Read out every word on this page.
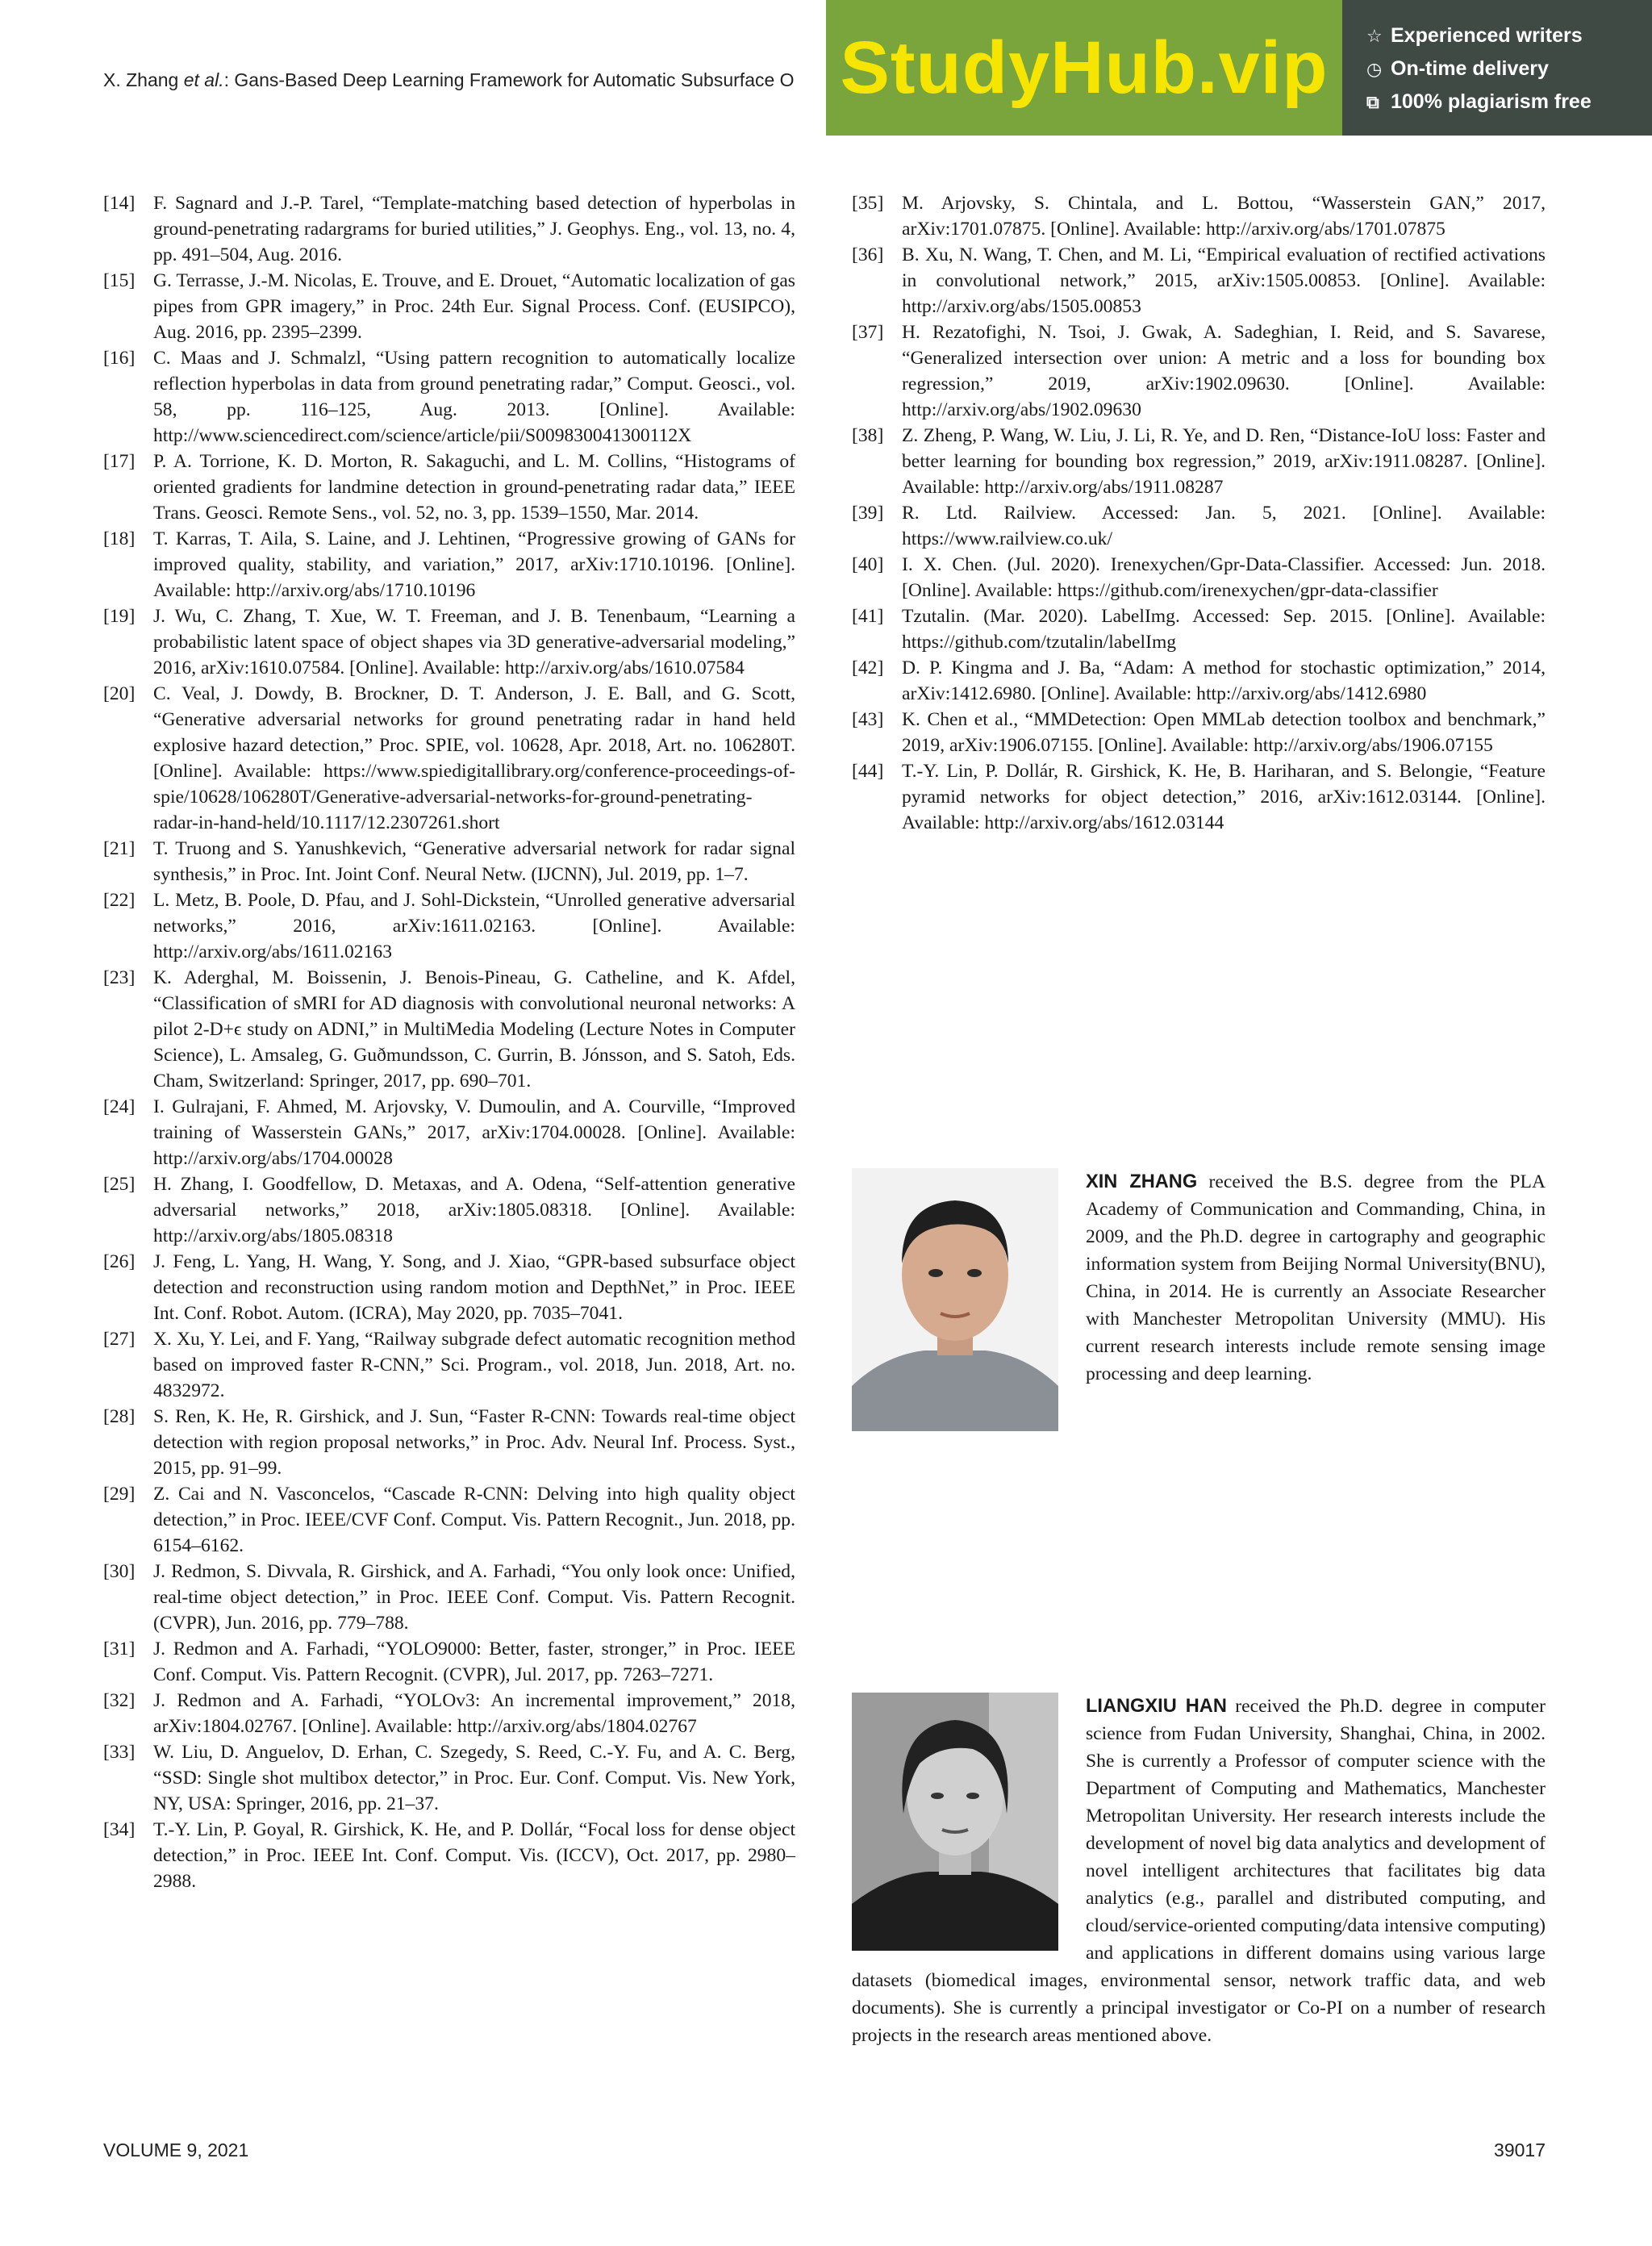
X. Zhang et al.: Gans-Based Deep Learning Framework for Automatic Subsurface O StudyHub.vip ☆ Experienced writers
◷ On-time delivery
⧉ 100% plagiarism free
[14] F. Sagnard and J.-P. Tarel, “Template-matching based detection of hyperbolas in ground-penetrating radargrams for buried utilities,” J. Geophys. Eng., vol. 13, no. 4, pp. 491–504, Aug. 2016.
[15] G. Terrasse, J.-M. Nicolas, E. Trouve, and E. Drouet, “Automatic localization of gas pipes from GPR imagery,” in Proc. 24th Eur. Signal Process. Conf. (EUSIPCO), Aug. 2016, pp. 2395–2399.
[16] C. Maas and J. Schmalzl, “Using pattern recognition to automatically localize reflection hyperbolas in data from ground penetrating radar,” Comput. Geosci., vol. 58, pp. 116–125, Aug. 2013. [Online]. Available: http://www.sciencedirect.com/science/article/pii/S009830041300112X
[17] P. A. Torrione, K. D. Morton, R. Sakaguchi, and L. M. Collins, “Histograms of oriented gradients for landmine detection in ground-penetrating radar data,” IEEE Trans. Geosci. Remote Sens., vol. 52, no. 3, pp. 1539–1550, Mar. 2014.
[18] T. Karras, T. Aila, S. Laine, and J. Lehtinen, “Progressive growing of GANs for improved quality, stability, and variation,” 2017, arXiv:1710.10196. [Online]. Available: http://arxiv.org/abs/1710.10196
[19] J. Wu, C. Zhang, T. Xue, W. T. Freeman, and J. B. Tenenbaum, “Learning a probabilistic latent space of object shapes via 3D generative-adversarial modeling,” 2016, arXiv:1610.07584. [Online]. Available: http://arxiv.org/abs/1610.07584
[20] C. Veal, J. Dowdy, B. Brockner, D. T. Anderson, J. E. Ball, and G. Scott, “Generative adversarial networks for ground penetrating radar in hand held explosive hazard detection,” Proc. SPIE, vol. 10628, Apr. 2018, Art. no. 106280T. [Online]. Available: https://www.spiedigitallibrary.org/conference-proceedings-of-spie/10628/106280T/Generative-adversarial-networks-for-ground-penetrating-radar-in-hand-held/10.1117/12.2307261.short
[21] T. Truong and S. Yanushkevich, “Generative adversarial network for radar signal synthesis,” in Proc. Int. Joint Conf. Neural Netw. (IJCNN), Jul. 2019, pp. 1–7.
[22] L. Metz, B. Poole, D. Pfau, and J. Sohl-Dickstein, “Unrolled generative adversarial networks,” 2016, arXiv:1611.02163. [Online]. Available: http://arxiv.org/abs/1611.02163
[23] K. Aderghal, M. Boissenin, J. Benois-Pineau, G. Catheline, and K. Afdel, “Classification of sMRI for AD diagnosis with convolutional neuronal networks: A pilot 2-D+ϵ study on ADNI,” in MultiMedia Modeling (Lecture Notes in Computer Science), L. Amsaleg, G. Guðmundsson, C. Gurrin, B. Jónsson, and S. Satoh, Eds. Cham, Switzerland: Springer, 2017, pp. 690–701.
[24] I. Gulrajani, F. Ahmed, M. Arjovsky, V. Dumoulin, and A. Courville, “Improved training of Wasserstein GANs,” 2017, arXiv:1704.00028. [Online]. Available: http://arxiv.org/abs/1704.00028
[25] H. Zhang, I. Goodfellow, D. Metaxas, and A. Odena, “Self-attention generative adversarial networks,” 2018, arXiv:1805.08318. [Online]. Available: http://arxiv.org/abs/1805.08318
[26] J. Feng, L. Yang, H. Wang, Y. Song, and J. Xiao, “GPR-based subsurface object detection and reconstruction using random motion and DepthNet,” in Proc. IEEE Int. Conf. Robot. Autom. (ICRA), May 2020, pp. 7035–7041.
[27] X. Xu, Y. Lei, and F. Yang, “Railway subgrade defect automatic recognition method based on improved faster R-CNN,” Sci. Program., vol. 2018, Jun. 2018, Art. no. 4832972.
[28] S. Ren, K. He, R. Girshick, and J. Sun, “Faster R-CNN: Towards real-time object detection with region proposal networks,” in Proc. Adv. Neural Inf. Process. Syst., 2015, pp. 91–99.
[29] Z. Cai and N. Vasconcelos, “Cascade R-CNN: Delving into high quality object detection,” in Proc. IEEE/CVF Conf. Comput. Vis. Pattern Recognit., Jun. 2018, pp. 6154–6162.
[30] J. Redmon, S. Divvala, R. Girshick, and A. Farhadi, “You only look once: Unified, real-time object detection,” in Proc. IEEE Conf. Comput. Vis. Pattern Recognit. (CVPR), Jun. 2016, pp. 779–788.
[31] J. Redmon and A. Farhadi, “YOLO9000: Better, faster, stronger,” in Proc. IEEE Conf. Comput. Vis. Pattern Recognit. (CVPR), Jul. 2017, pp. 7263–7271.
[32] J. Redmon and A. Farhadi, “YOLOv3: An incremental improvement,” 2018, arXiv:1804.02767. [Online]. Available: http://arxiv.org/abs/1804.02767
[33] W. Liu, D. Anguelov, D. Erhan, C. Szegedy, S. Reed, C.-Y. Fu, and A. C. Berg, “SSD: Single shot multibox detector,” in Proc. Eur. Conf. Comput. Vis. New York, NY, USA: Springer, 2016, pp. 21–37.
[34] T.-Y. Lin, P. Goyal, R. Girshick, K. He, and P. Dollár, “Focal loss for dense object detection,” in Proc. IEEE Int. Conf. Comput. Vis. (ICCV), Oct. 2017, pp. 2980–2988.
[35] M. Arjovsky, S. Chintala, and L. Bottou, “Wasserstein GAN,” 2017, arXiv:1701.07875. [Online]. Available: http://arxiv.org/abs/1701.07875
[36] B. Xu, N. Wang, T. Chen, and M. Li, “Empirical evaluation of rectified activations in convolutional network,” 2015, arXiv:1505.00853. [Online]. Available: http://arxiv.org/abs/1505.00853
[37] H. Rezatofighi, N. Tsoi, J. Gwak, A. Sadeghian, I. Reid, and S. Savarese, “Generalized intersection over union: A metric and a loss for bounding box regression,” 2019, arXiv:1902.09630. [Online]. Available: http://arxiv.org/abs/1902.09630
[38] Z. Zheng, P. Wang, W. Liu, J. Li, R. Ye, and D. Ren, “Distance-IoU loss: Faster and better learning for bounding box regression,” 2019, arXiv:1911.08287. [Online]. Available: http://arxiv.org/abs/1911.08287
[39] R. Ltd. Railview. Accessed: Jan. 5, 2021. [Online]. Available: https://www.railview.co.uk/
[40] I. X. Chen. (Jul. 2020). Irenexychen/Gpr-Data-Classifier. Accessed: Jun. 2018. [Online]. Available: https://github.com/irenexychen/gpr-data-classifier
[41] Tzutalin. (Mar. 2020). LabelImg. Accessed: Sep. 2015. [Online]. Available: https://github.com/tzutalin/labelImg
[42] D. P. Kingma and J. Ba, “Adam: A method for stochastic optimization,” 2014, arXiv:1412.6980. [Online]. Available: http://arxiv.org/abs/1412.6980
[43] K. Chen et al., “MMDetection: Open MMLab detection toolbox and benchmark,” 2019, arXiv:1906.07155. [Online]. Available: http://arxiv.org/abs/1906.07155
[44] T.-Y. Lin, P. Dollár, R. Girshick, K. He, B. Hariharan, and S. Belongie, “Feature pyramid networks for object detection,” 2016, arXiv:1612.03144. [Online]. Available: http://arxiv.org/abs/1612.03144
XIN ZHANG received the B.S. degree from the PLA Academy of Communication and Commanding, China, in 2009, and the Ph.D. degree in cartography and geographic information system from Beijing Normal University(BNU), China, in 2014. He is currently an Associate Researcher with Manchester Metropolitan University (MMU). His current research interests include remote sensing image processing and deep learning.
LIANGXIU HAN received the Ph.D. degree in computer science from Fudan University, Shanghai, China, in 2002. She is currently a Professor of computer science with the Department of Computing and Mathematics, Manchester Metropolitan University. Her research interests include the development of novel big data analytics and development of novel intelligent architectures that facilitates big data analytics (e.g., parallel and distributed computing, and cloud/service-oriented computing/data intensive computing) and applications in different domains using various large datasets (biomedical images, environmental sensor, network traffic data, and web documents). She is currently a principal investigator or Co-PI on a number of research projects in the research areas mentioned above.
VOLUME 9, 2021	39017
